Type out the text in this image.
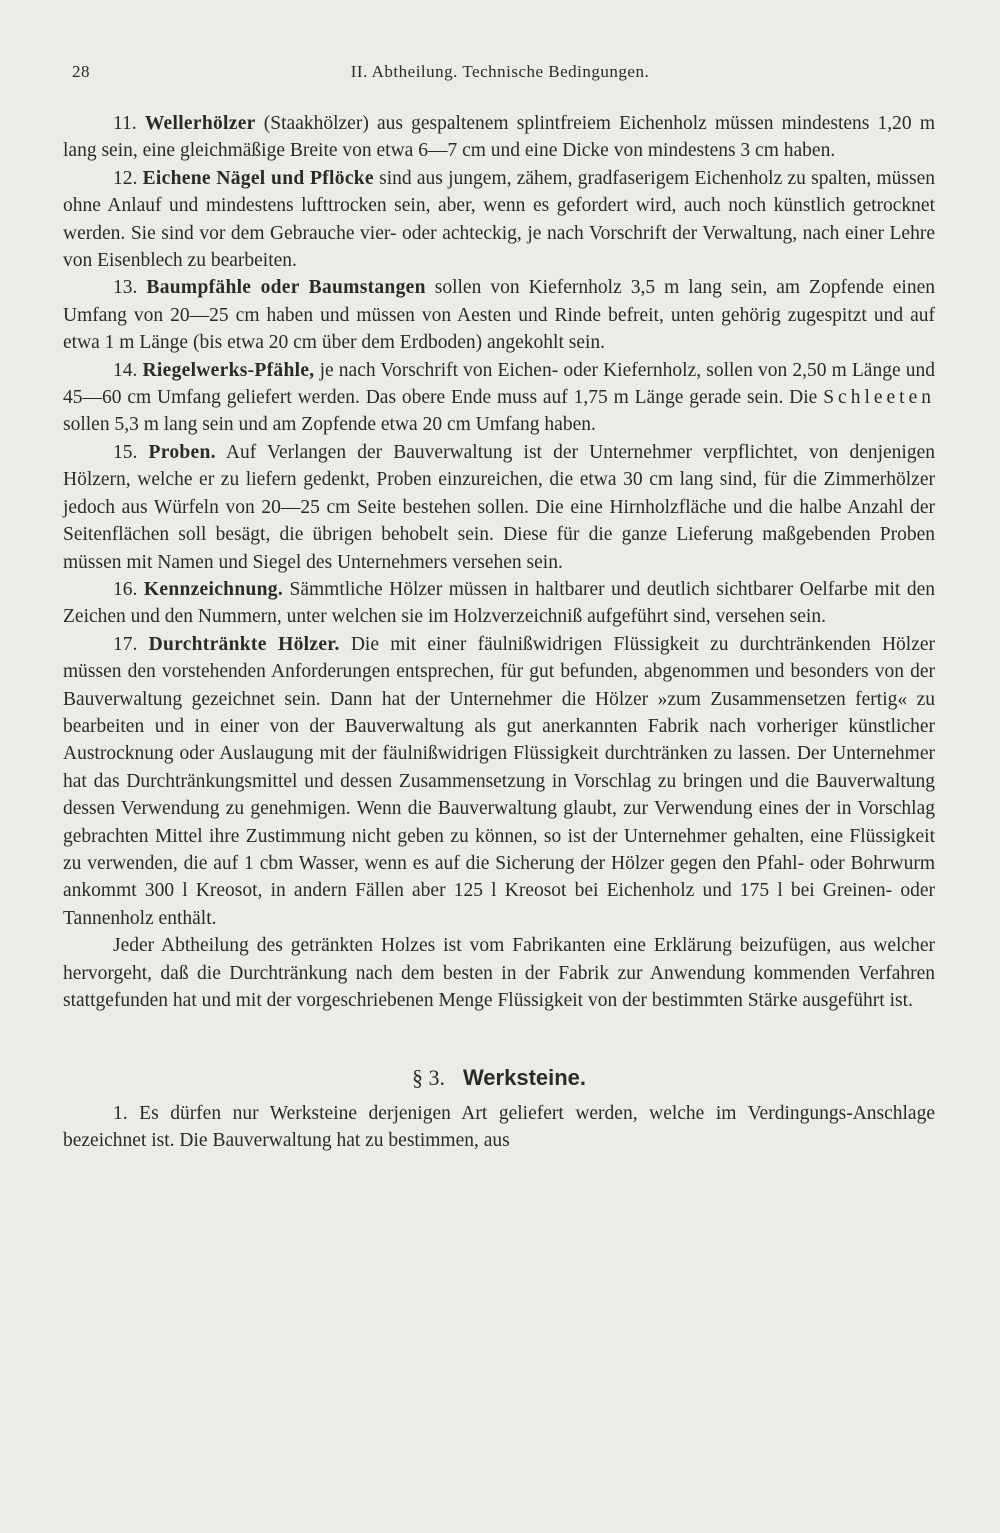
28	II. Abtheilung. Technische Bedingungen.

11. Wellerhölzer (Staakhölzer) aus gespaltenem splintfreiem Eichenholz müssen mindestens 1,20 m lang sein, eine gleichmäßige Breite von etwa 6—7 cm und eine Dicke von mindestens 3 cm haben.

12. Eichene Nägel und Pflöcke sind aus jungem, zähem, gradfaserigem Eichenholz zu spalten, müssen ohne Anlauf und mindestens lufttrocken sein, aber, wenn es gefordert wird, auch noch künstlich getrocknet werden. Sie sind vor dem Gebrauche vier- oder achteckig, je nach Vorschrift der Verwaltung, nach einer Lehre von Eisenblech zu bearbeiten.

13. Baumpfähle oder Baumstangen sollen von Kiefernholz 3,5 m lang sein, am Zopfende einen Umfang von 20—25 cm haben und müssen von Aesten und Rinde befreit, unten gehörig zugespitzt und auf etwa 1 m Länge (bis etwa 20 cm über dem Erdboden) angekohlt sein.

14. Riegelwerks-Pfähle, je nach Vorschrift von Eichen- oder Kiefernholz, sollen von 2,50 m Länge und 45—60 cm Umfang geliefert werden. Das obere Ende muss auf 1,75 m Länge gerade sein. Die Schleeten sollen 5,3 m lang sein und am Zopfende etwa 20 cm Umfang haben.

15. Proben. Auf Verlangen der Bauverwaltung ist der Unternehmer verpflichtet, von denjenigen Hölzern, welche er zu liefern gedenkt, Proben einzureichen, die etwa 30 cm lang sind, für die Zimmerhölzer jedoch aus Würfeln von 20—25 cm Seite bestehen sollen. Die eine Hirnholzfläche und die halbe Anzahl der Seitenflächen soll besägt, die übrigen behobelt sein. Diese für die ganze Lieferung maßgebenden Proben müssen mit Namen und Siegel des Unternehmers versehen sein.

16. Kennzeichnung. Sämmtliche Hölzer müssen in haltbarer und deutlich sichtbarer Oelfarbe mit den Zeichen und den Nummern, unter welchen sie im Holzverzeichniß aufgeführt sind, versehen sein.

17. Durchtränkte Hölzer. Die mit einer fäulnißwidrigen Flüssigkeit zu durchtränkenden Hölzer müssen den vorstehenden Anforderungen entsprechen, für gut befunden, abgenommen und besonders von der Bauverwaltung gezeichnet sein. Dann hat der Unternehmer die Hölzer »zum Zusammensetzen fertig« zu bearbeiten und in einer von der Bauverwaltung als gut anerkannten Fabrik nach vorheriger künstlicher Austrocknung oder Auslaugung mit der fäulnißwidrigen Flüssigkeit durchtränken zu lassen. Der Unternehmer hat das Durchtränkungsmittel und dessen Zusammensetzung in Vorschlag zu bringen und die Bauverwaltung dessen Verwendung zu genehmigen. Wenn die Bauverwaltung glaubt, zur Verwendung eines der in Vorschlag gebrachten Mittel ihre Zustimmung nicht geben zu können, so ist der Unternehmer gehalten, eine Flüssigkeit zu verwenden, die auf 1 cbm Wasser, wenn es auf die Sicherung der Hölzer gegen den Pfahl- oder Bohrwurm ankommt 300 l Kreosot, in andern Fällen aber 125 l Kreosot bei Eichenholz und 175 l bei Greinen- oder Tannenholz enthält.

Jeder Abtheilung des getränkten Holzes ist vom Fabrikanten eine Erklärung beizufügen, aus welcher hervorgeht, daß die Durchtränkung nach dem besten in der Fabrik zur Anwendung kommenden Verfahren stattgefunden hat und mit der vorgeschriebenen Menge Flüssigkeit von der bestimmten Stärke ausgeführt ist.

§ 3. Werksteine.

1. Es dürfen nur Werksteine derjenigen Art geliefert werden, welche im Verdingungs-Anschlage bezeichnet ist. Die Bauverwaltung hat zu bestimmen, aus
